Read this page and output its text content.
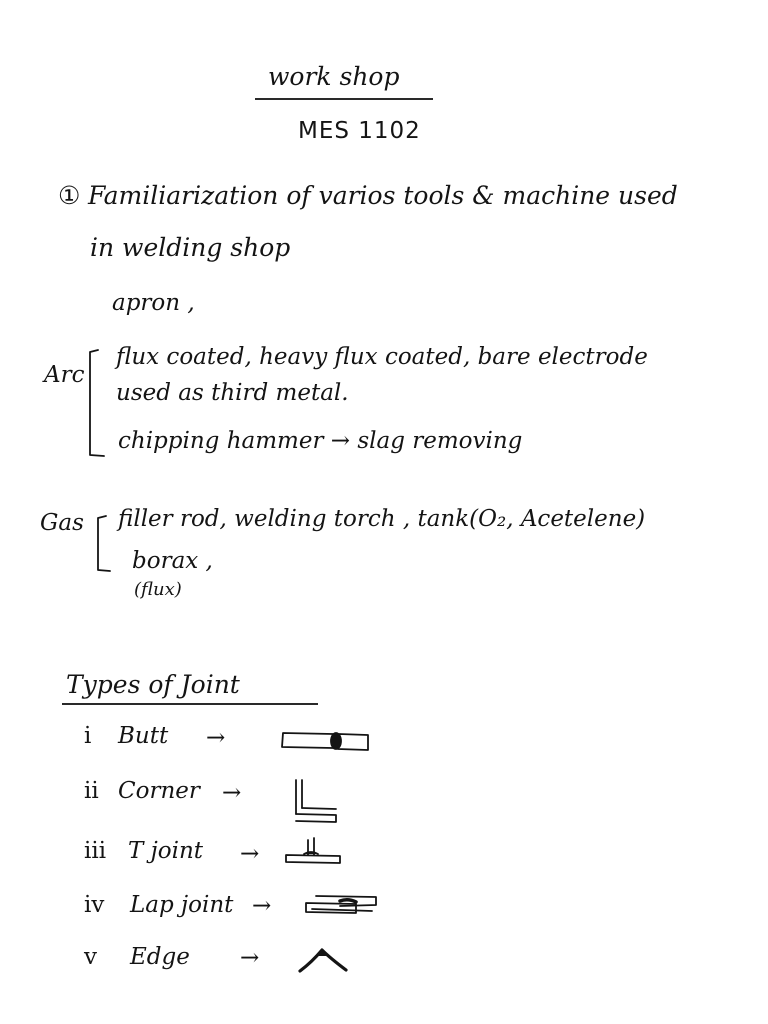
work shop
MES 1102
① Familiarization of varios tools & machine used
in welding shop
apron ,
Arc
flux coated, heavy flux coated, bare electrode
used as third metal.
chipping hammer → slag removing
Gas filler rod, welding torch , tank(O₂, Acetelene)
borax ,
(flux)
Types of Joint
ⅰ Butt →
ⅱ Corner →
ⅲ T joint →
ⅳ Lap joint →
ⅴ Edge →
